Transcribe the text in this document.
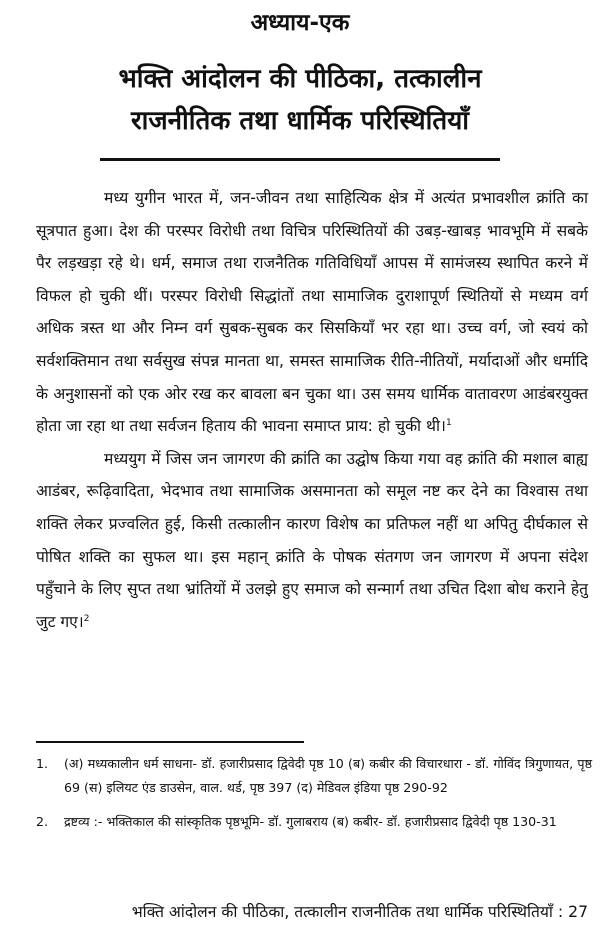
अध्याय-एक
भक्ति आंदोलन की पीठिका, तत्कालीन
राजनीतिक तथा धार्मिक परिस्थितियाँ

मध्य युगीन भारत में, जन-जीवन तथा साहित्यिक क्षेत्र में अत्यंत प्रभावशील क्रांति का सूत्रपात हुआ। देश की परस्पर विरोधी तथा विचित्र परिस्थितियों की उबड़-खाबड़ भावभूमि में सबके पैर लड़खड़ा रहे थे। धर्म, समाज तथा राजनैतिक गतिविधियाँ आपस में सामंजस्य स्थापित करने में विफल हो चुकी थीं। परस्पर विरोधी सिद्धांतों तथा सामाजिक दुराशापूर्ण स्थितियों से मध्यम वर्ग अधिक त्रस्त था और निम्न वर्ग सुबक-सुबक कर सिसकियाँ भर रहा था। उच्च वर्ग, जो स्वयं को सर्वशक्तिमान तथा सर्वसुख संपन्न मानता था, समस्त सामाजिक रीति-नीतियों, मर्यादाओं और धर्मादि के अनुशासनों को एक ओर रख कर बावला बन चुका था। उस समय धार्मिक वातावरण आडंबरयुक्त होता जा रहा था तथा सर्वजन हिताय की भावना समाप्त प्राय: हो चुकी थी।$^1$

मध्ययुग में जिस जन जागरण की क्रांति का उद्घोष किया गया वह क्रांति की मशाल बाह्य आडंबर, रूढ़िवादिता, भेदभाव तथा सामाजिक असमानता को समूल नष्ट कर देने का विश्वास तथा शक्ति लेकर प्रज्वलित हुई, किसी तत्कालीन कारण विशेष का प्रतिफल नहीं था अपितु दीर्घकाल से पोषित शक्ति का सुफल था। इस महान् क्रांति के पोषक संतगण जन जागरण में अपना संदेश पहुँचाने के लिए सुप्त तथा भ्रांतियों में उलझे हुए समाज को सन्मार्ग तथा उचित दिशा बोध कराने हेतु जुट गए।$^2$

1.	(अ) मध्यकालीन धर्म साधना- डॉ. हजारीप्रसाद द्विवेदी पृष्ठ 10 (ब) कबीर की विचारधारा - डॉ. गोविंद त्रिगुणायत, पृष्ठ 69 (स) इलियट एंड डाउसेन, वाल. थर्ड, पृष्ठ 397 (द) मेडिवल इंडिया पृष्ठ 290-92
2.	द्रष्टव्य :- भक्तिकाल की सांस्कृतिक पृष्ठभूमि- डॉ. गुलाबराय (ब) कबीर- डॉ. हजारीप्रसाद द्विवेदी पृष्ठ 130-31
भक्ति आंदोलन की पीठिका, तत्कालीन राजनीतिक तथा धार्मिक परिस्थितियाँ : 27
